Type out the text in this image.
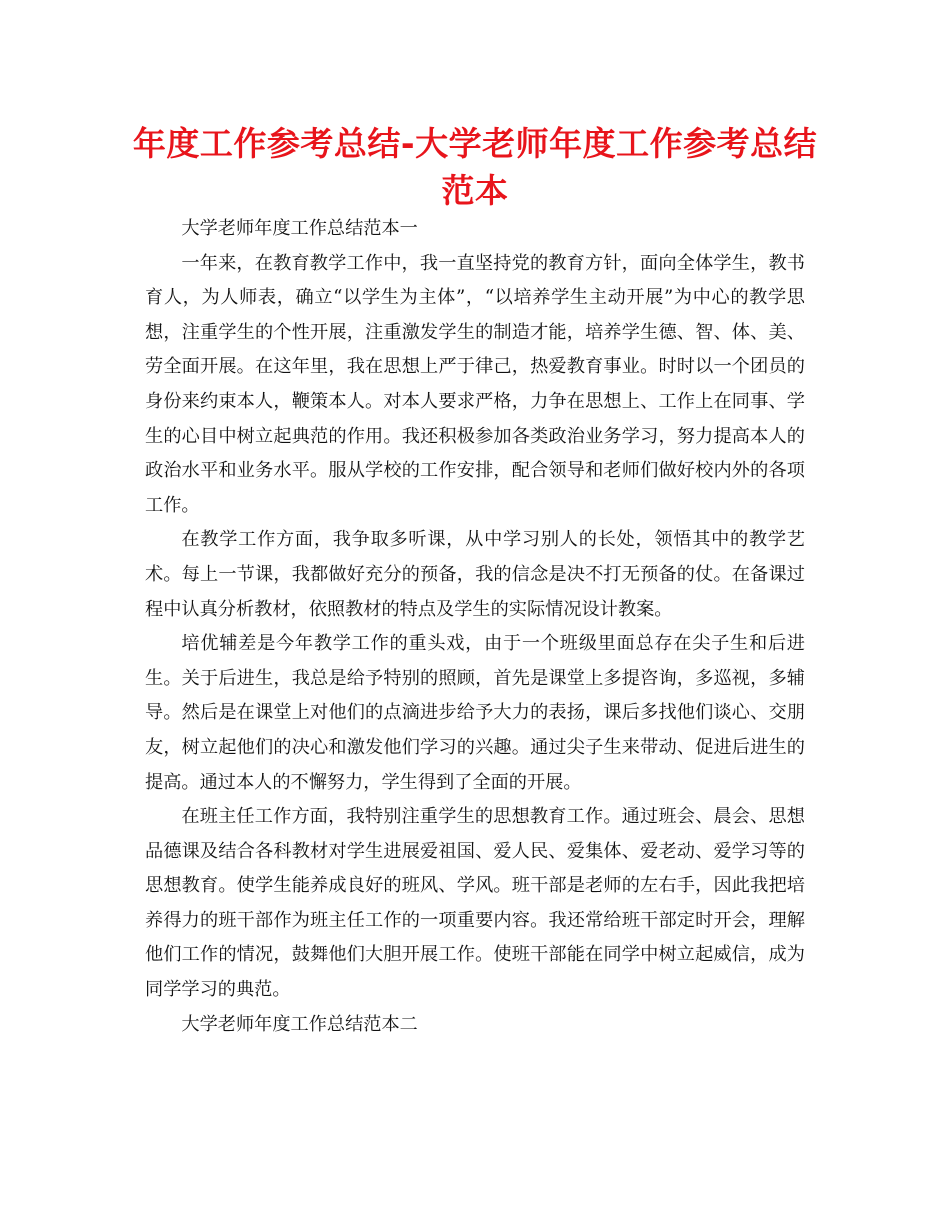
年度工作参考总结-大学老师年度工作参考总结范本

大学老师年度工作总结范本一

一年来，在教育教学工作中，我一直坚持党的教育方针，面向全体学生，教书育人，为人师表，确立“以学生为主体”，“以培养学生主动开展”为中心的教学思想，注重学生的个性开展，注重激发学生的制造才能，培养学生德、智、体、美、劳全面开展。在这年里，我在思想上严于律己，热爱教育事业。时时以一个团员的身份来约束本人，鞭策本人。对本人要求严格，力争在思想上、工作上在同事、学生的心目中树立起典范的作用。我还积极参加各类政治业务学习，努力提高本人的政治水平和业务水平。服从学校的工作安排，配合领导和老师们做好校内外的各项工作。

在教学工作方面，我争取多听课，从中学习别人的长处，领悟其中的教学艺术。每上一节课，我都做好充分的预备，我的信念是决不打无预备的仗。在备课过程中认真分析教材，依照教材的特点及学生的实际情况设计教案。

培优辅差是今年教学工作的重头戏，由于一个班级里面总存在尖子生和后进生。关于后进生，我总是给予特别的照顾，首先是课堂上多提咨询，多巡视，多辅导。然后是在课堂上对他们的点滴进步给予大力的表扬，课后多找他们谈心、交朋友，树立起他们的决心和激发他们学习的兴趣。通过尖子生来带动、促进后进生的提高。通过本人的不懈努力，学生得到了全面的开展。

在班主任工作方面，我特别注重学生的思想教育工作。通过班会、晨会、思想品德课及结合各科教材对学生进展爱祖国、爱人民、爱集体、爱老动、爱学习等的思想教育。使学生能养成良好的班风、学风。班干部是老师的左右手，因此我把培养得力的班干部作为班主任工作的一项重要内容。我还常给班干部定时开会，理解他们工作的情况，鼓舞他们大胆开展工作。使班干部能在同学中树立起威信，成为同学学习的典范。

大学老师年度工作总结范本二
